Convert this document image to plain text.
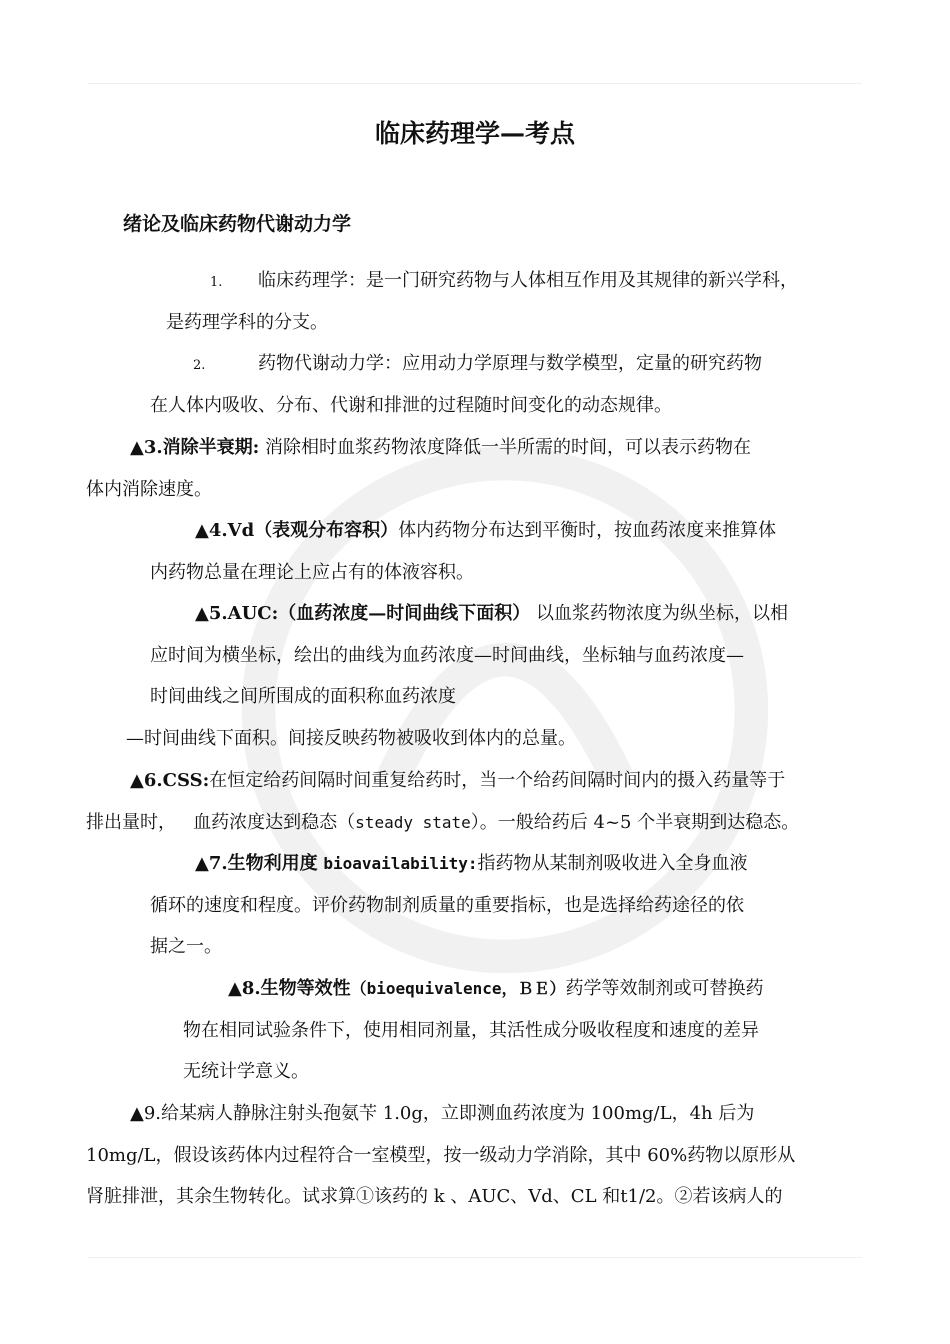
临床药理学—考点
绪论及临床药物代谢动力学
1. 临床药理学：是一门研究药物与人体相互作用及其规律的新兴学科，
是药理学科的分支。
2.	药物代谢动力学：应用动力学原理与数学模型，定量的研究药物
在人体内吸收、分布、代谢和排泄的过程随时间变化的动态规律。
▲3.消除半衰期: 消除相时血浆药物浓度降低一半所需的时间，可以表示药物在
体内消除速度。
▲4.Vd（表观分布容积）体内药物分布达到平衡时，按血药浓度来推算体
内药物总量在理论上应占有的体液容积。
▲5.AUC:（血药浓度—时间曲线下面积） 以血浆药物浓度为纵坐标，以相
应时间为横坐标，绘出的曲线为血药浓度—时间曲线，坐标轴与血药浓度—
时间曲线之间所围成的面积称血药浓度
—时间曲线下面积。间接反映药物被吸收到体内的总量。
▲6.CSS:在恒定给药间隔时间重复给药时，当一个给药间隔时间内的摄入药量等于
排出量时， 血药浓度达到稳态（steady state）。一般给药后 4~5 个半衰期到达稳态。
▲7.生物利用度 bioavailability:指药物从某制剂吸收进入全身血液
循环的速度和程度。评价药物制剂质量的重要指标，也是选择给药途径的依
据之一。
▲8.生物等效性（bioequivalence，ＢＥ）药学等效制剂或可替换药
物在相同试验条件下，使用相同剂量，其活性成分吸收程度和速度的差异
无统计学意义。
▲9.给某病人静脉注射头孢氨苄 1.0g，立即测血药浓度为 100mg/L，4h 后为
10mg/L，假设该药体内过程符合一室模型，按一级动力学消除，其中 60%药物以原形从
肾脏排泄，其余生物转化。试求算①该药的 k 、AUC、Vd、CL 和t1/2。②若该病人的
